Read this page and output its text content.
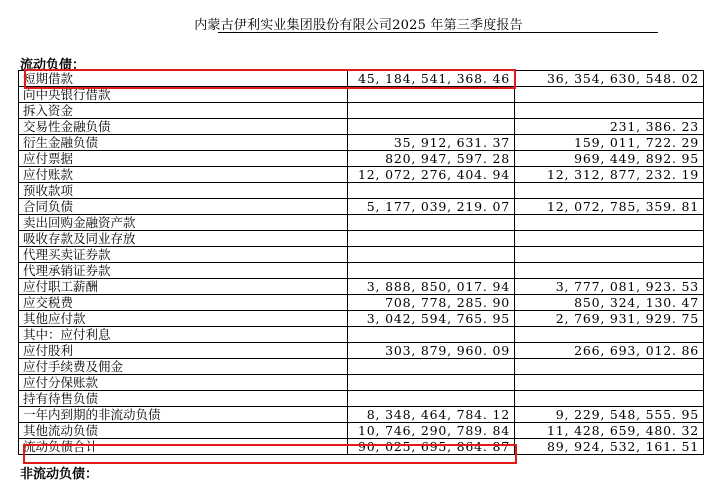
内蒙古伊利实业集团股份有限公司2025 年第三季度报告
流动负债：
短期借款	45, 184, 541, 368. 46	36, 354, 630, 548. 02
向中央银行借款		
拆入资金		
交易性金融负债		231, 386. 23
衍生金融负债	35, 912, 631. 37	159, 011, 722. 29
应付票据	820, 947, 597. 28	969, 449, 892. 95
应付账款	12, 072, 276, 404. 94	12, 312, 877, 232. 19
预收款项		
合同负债	5, 177, 039, 219. 07	12, 072, 785, 359. 81
卖出回购金融资产款		
吸收存款及同业存放		
代理买卖证券款		
代理承销证券款		
应付职工薪酬	3, 888, 850, 017. 94	3, 777, 081, 923. 53
应交税费	708, 778, 285. 90	850, 324, 130. 47
其他应付款	3, 042, 594, 765. 95	2, 769, 931, 929. 75
其中：应付利息		
应付股利	303, 879, 960. 09	266, 693, 012. 86
应付手续费及佣金		
应付分保账款		
持有待售负债		
一年内到期的非流动负债	8, 348, 464, 784. 12	9, 229, 548, 555. 95
其他流动负债	10, 746, 290, 789. 84	11, 428, 659, 480. 32
流动负债合计	90, 025, 695, 864. 87	89, 924, 532, 161. 51
非流动负债：
